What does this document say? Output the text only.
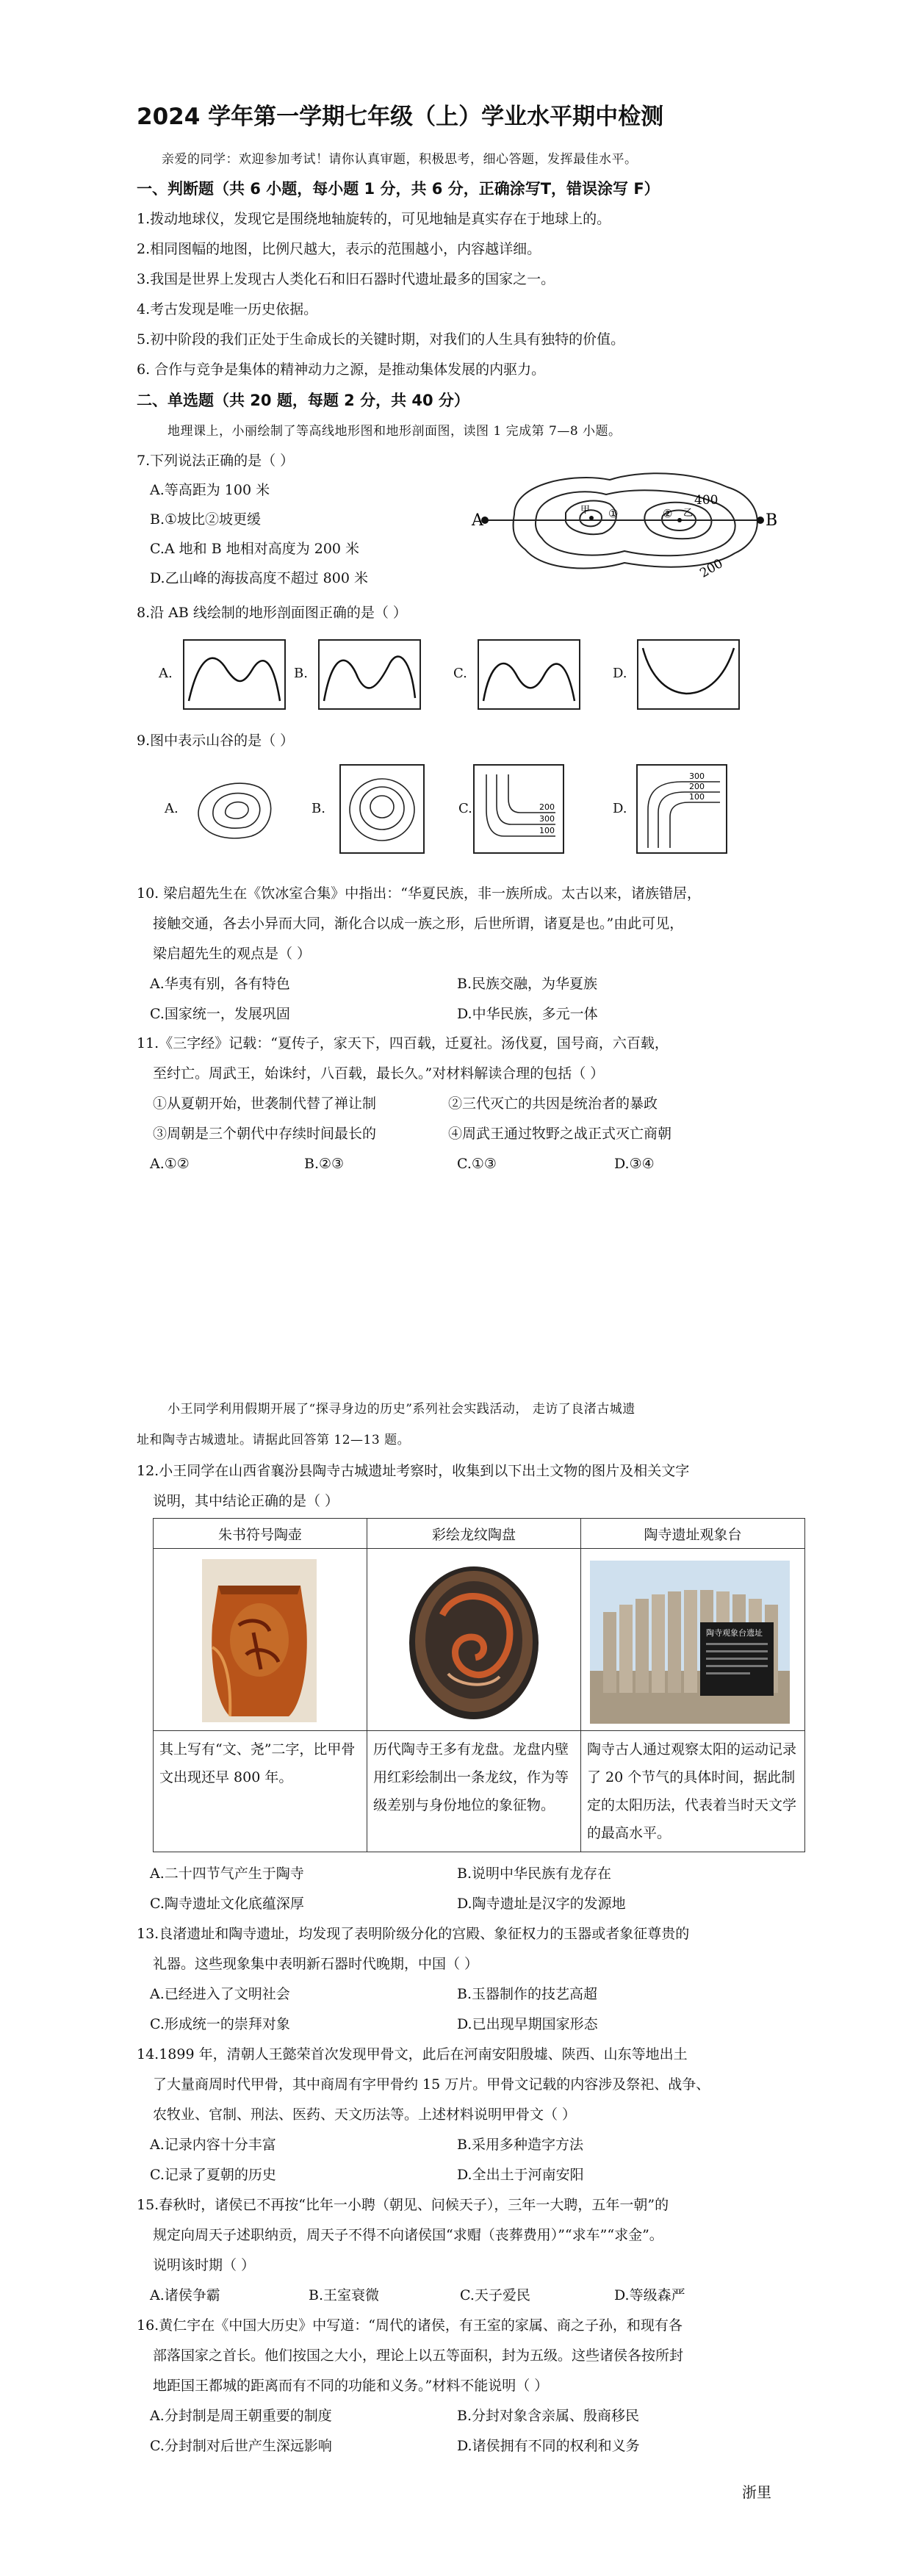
2024 学年第一学期七年级（上）学业水平期中检测
亲爱的同学：欢迎参加考试！请你认真审题，积极思考，细心答题，发挥最佳水平。
一、判断题（共 6 小题，每小题 1 分，共 6 分，正确涂写T，错误涂写 F）
1.拨动地球仪，发现它是围绕地轴旋转的，可见地轴是真实存在于地球上的。
2.相同图幅的地图，比例尺越大，表示的范围越小，内容越详细。
3.我国是世界上发现古人类化石和旧石器时代遗址最多的国家之一。
4.考古发现是唯一历史依据。
5.初中阶段的我们正处于生命成长的关键时期，对我们的人生具有独特的价值。
6. 合作与竞争是集体的精神动力之源，是推动集体发展的内驱力。
二、单选题（共 20 题，每题 2 分，共 40 分）
地理课上，小丽绘制了等高线地形图和地形剖面图，读图 1 完成第 7—8 小题。
7.下列说法正确的是（ ）
A.等高距为 100 米
B.①坡比②坡更缓
C.A 地和 B 地相对高度为 200 米
D.乙山峰的海拔高度不超过 800 米
A	B
400
200
①	②
甲	乙
8.沿 AB 线绘制的地形剖面图正确的是（ ）
A.	B.	C.	D.
9.图中表示山谷的是（ ）
A.	B.	C.	200
300
100
D.
300
200
100
10. 梁启超先生在《饮冰室合集》中指出：“华夏民族，非一族所成。太古以来，诸族错居，
接触交通，各去小异而大同，渐化合以成一族之形，后世所谓，诸夏是也。”由此可见，
梁启超先生的观点是（ ）
A.华夷有别，各有特色	B.民族交融，为华夏族
C.国家统一，发展巩固	D.中华民族，多元一体
11.《三字经》记载：“夏传子，家天下，四百载，迁夏社。汤伐夏，国号商，六百载，
至纣亡。周武王，始诛纣，八百载，最长久。”对材料解读合理的包括（ ）
①从夏朝开始，世袭制代替了禅让制	②三代灭亡的共因是统治者的暴政
③周朝是三个朝代中存续时间最长的	④周武王通过牧野之战正式灭亡商朝
A.①②	B.②③	C.①③	D.③④
小王同学利用假期开展了“探寻身边的历史”系列社会实践活动， 走访了良渚古城遗
址和陶寺古城遗址。请据此回答第 12—13 题。
12.小王同学在山西省襄汾县陶寺古城遗址考察时，收集到以下出土文物的图片及相关文字
说明，其中结论正确的是（ ）
朱书符号陶壶	彩绘龙纹陶盘	陶寺遗址观象台

陶寺观象台遗址

其上写有“文、尧”二字，比甲骨文出现还早 800 年。	历代陶寺王多有龙盘。龙盘内壁用红彩绘制出一条龙纹，作为等级差别与身份地位的象征物。	陶寺古人通过观察太阳的运动记录了 20 个节气的具体时间，据此制定的太阳历法，代表着当时天文学的最高水平。
A.二十四节气产生于陶寺	B.说明中华民族有龙存在
C.陶寺遗址文化底蕴深厚	D.陶寺遗址是汉字的发源地
13.良渚遗址和陶寺遗址，均发现了表明阶级分化的宫殿、象征权力的玉器或者象征尊贵的
礼器。这些现象集中表明新石器时代晚期，中国（ ）
A.已经进入了文明社会	B.玉器制作的技艺高超
C.形成统一的崇拜对象	D.已出现早期国家形态
14.1899 年，清朝人王懿荣首次发现甲骨文，此后在河南安阳殷墟、陕西、山东等地出土
了大量商周时代甲骨，其中商周有字甲骨约 15 万片。甲骨文记载的内容涉及祭祀、战争、
农牧业、官制、刑法、医药、天文历法等。上述材料说明甲骨文（ ）
A.记录内容十分丰富	B.采用多种造字方法
C.记录了夏朝的历史	D.全出土于河南安阳
15.春秋时，诸侯已不再按“比年一小聘（朝见、问候天子），三年一大聘，五年一朝”的
规定向周天子述职纳贡，周天子不得不向诸侯国“求赗（丧葬费用）”“求车”“求金”。
说明该时期（ ）
A.诸侯争霸	B.王室衰微	C.天子爱民	D.等级森严
16.黄仁宇在《中国大历史》中写道：“周代的诸侯，有王室的家属、商之子孙，和现有各
部落国家之首长。他们按国之大小，理论上以五等面积，封为五级。这些诸侯各按所封
地距国王都城的距离而有不同的功能和义务。”材料不能说明（ ）
A.分封制是周王朝重要的制度	B.分封对象含亲属、殷商移民
C.分封制对后世产生深远影响	D.诸侯拥有不同的权利和义务
浙里
